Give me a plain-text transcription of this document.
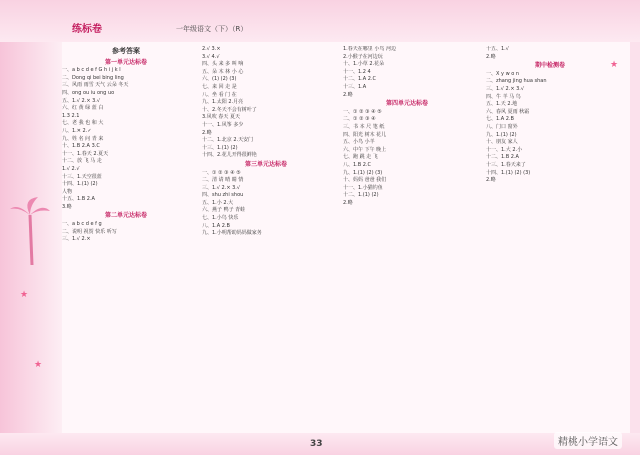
练标卷	一年级语文（下）（R）
★
★
★
参考答案
第一单元达标卷
一、a b c d e f G h i j k l
二、Dong qi bei bing ling
三、风雨 雨雪 天气 云朵 冬天
四、ong ou iu ong uo
五、1.√ 2.× 3.√
六、红 黄 绿 蓝 白
1.3 2.1
七、老 我 也 和 大
八、1.✕ 2.✓
九、姓 名 问 青 来
十、1.B 2.A 3.C
十一、1.春天 2.夏天
十二、放 飞 马 走
1.√ 2.√
十三、1.天空很蓝
十四、1.(1) (2)
人物
十五、1.B 2.A
3.略
第二单元达标卷
一、a b c d e f g
二、说明 祝贺 快乐 听写
三、1.√ 2.×
2.√ 3.×
3.√ 4.√
四、头 来 多 叫 响
五、朵 木 林 小 心
六、(1) (2) (3)
七、来 回 走 是
八、坐 看 门 在
九、1.太阳 2.月亮
十、2.冬天不会有树叶了
3.风吹 春天 夏天
十一、1.风筝 多少
2.略
十二、1.北京 2.天安门
十三、1.(1) (2)
十四、2.花儿开得很鲜艳
第三单元达标卷
一、① ② ③ ④ ⑤
二、清 请 晴 睛 情
三、1.√ 2.× 3.√
四、shu zhi shou
五、1.小 2.大
六、燕子 鸭子 青蛙
七、1.小鸟 快乐
八、1.A 2.B
九、1.小明帮助妈妈做家务
1.春天在哪里 小鸟 河边
2.小猴子在河边玩
十、1.小草 2.花朵
十一、1.2 4
十二、1.A 2.C
十三、1.A
2.略
第四单元达标卷
一、① ② ③ ④ ⑤
二、① ② ③ ④
三、书 本 尺 笔 纸
四、阳光 树木 花儿
五、小鸟 小羊
六、中午 下午 晚上
七、跑 跳 走 飞
八、1.B 2.C
九、1.(1) (2) (3)
十、妈妈 爸爸 我们
十一、1.小猫钓鱼
十二、1.(1) (2)
2.略
十五、1.√
2.略
期中检测卷
一、X y w o n
二、zhang jing hua shan
三、1.√ 2.× 3.√
四、牛 羊 马 鸟
五、1.天 2.地
六、春风 夏雨 秋霜
七、1.A 2.B
八、门口 窗外
九、1.(1) (2)
十、朋友 家人
十一、1.大 2.小
十二、1.B 2.A
十三、1.春天来了
十四、1.(1) (2) (3)
2.略
33	精桃小学语文
